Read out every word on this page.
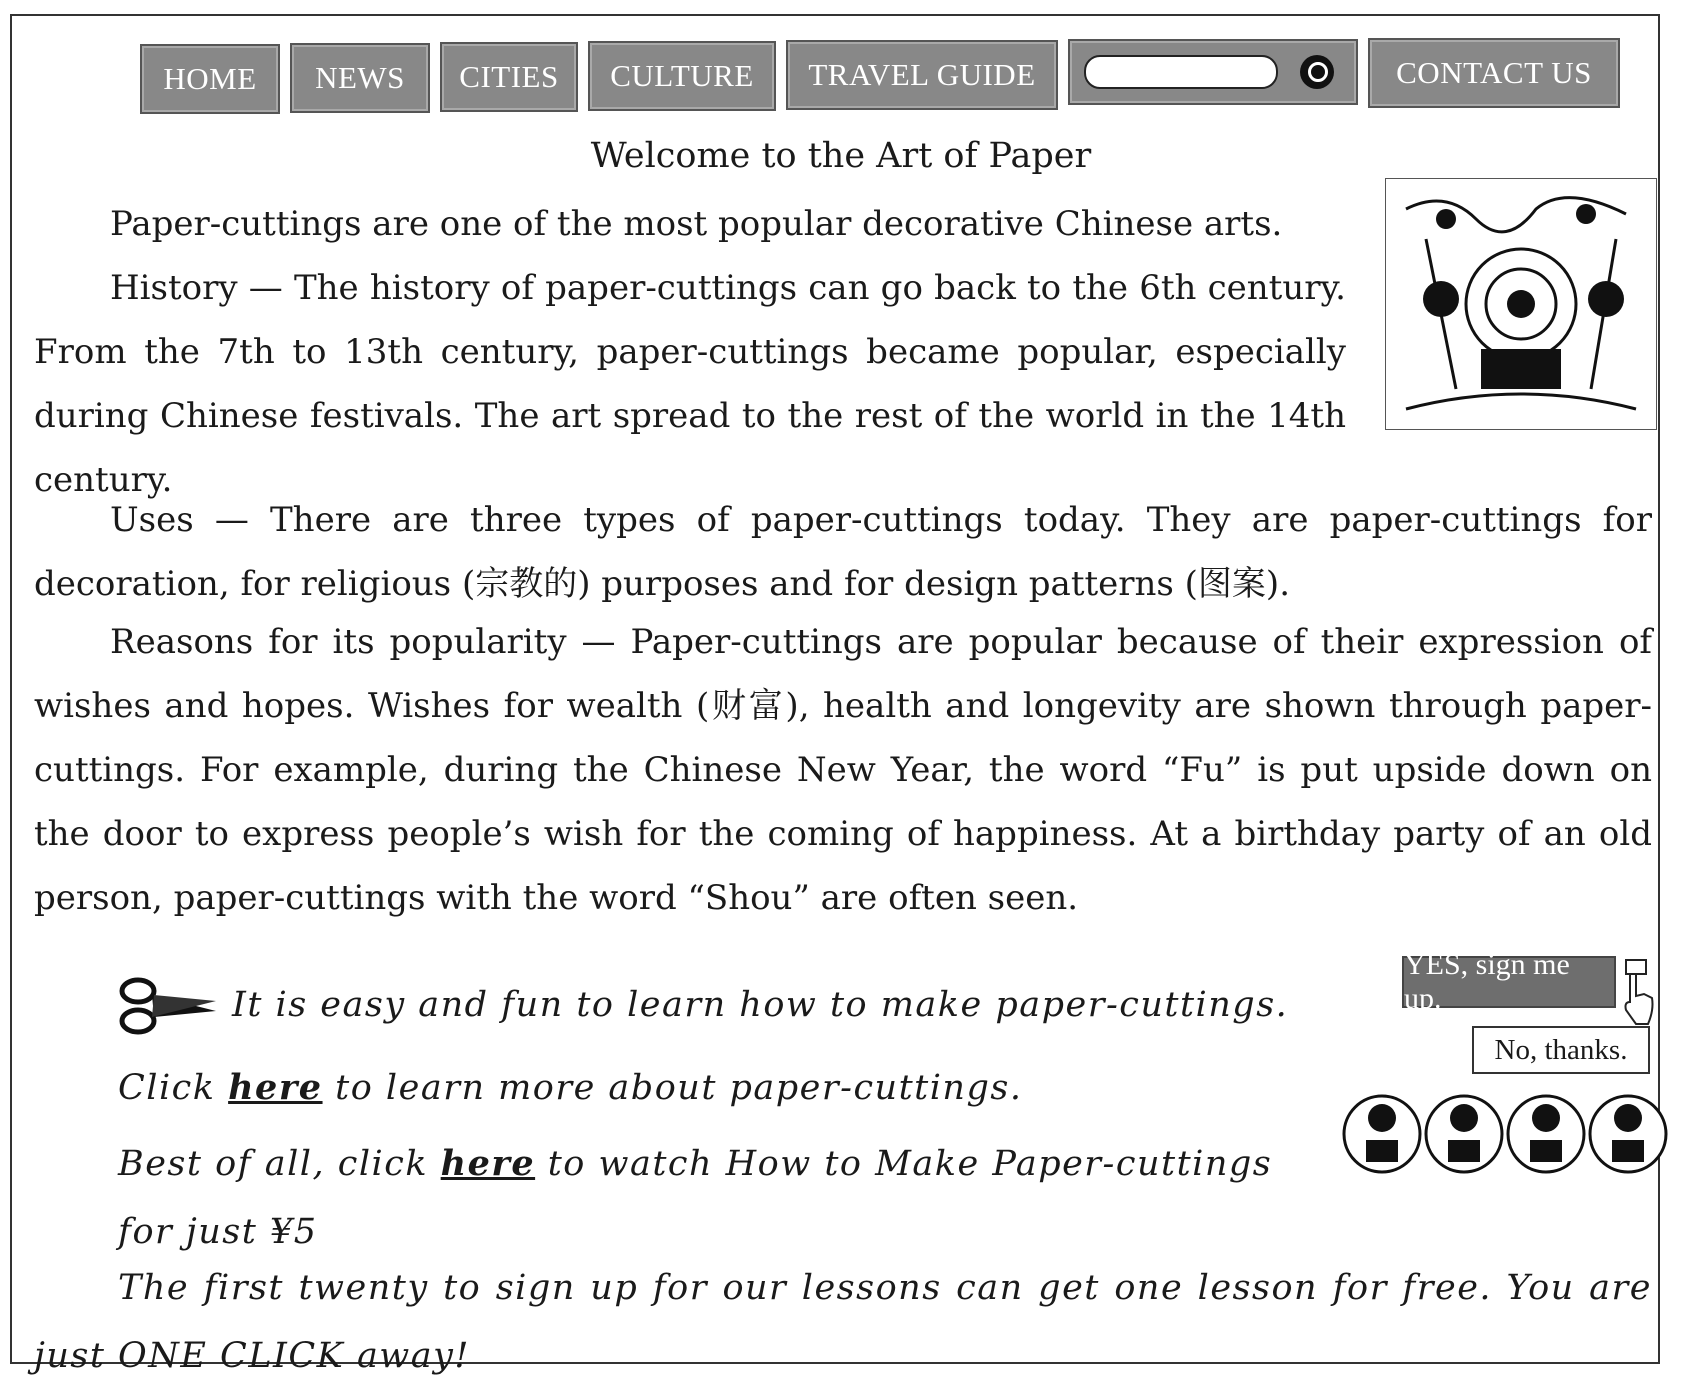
HOME	NEWS	CITIES	CULTURE	TRAVEL GUIDE	CONTACT US
Welcome to the Art of Paper

Paper-cuttings are one of the most popular decorative Chinese arts.

History — The history of paper-cuttings can go back to the 6th century. From the 7th to 13th century, paper-cuttings became popular, especially during Chinese festivals. The art spread to the rest of the world in the 14th century.

Uses — There are three types of paper-cuttings today. They are paper-cuttings for decoration, for religious (宗教的) purposes and for design patterns (图案).

Reasons for its popularity — Paper-cuttings are popular because of their expression of wishes and hopes. Wishes for wealth (财富), health and longevity are shown through paper-cuttings. For example, during the Chinese New Year, the word “Fu” is put upside down on the door to express people’s wish for the coming of happiness. At a birthday party of an old person, paper-cuttings with the word “Shou” are often seen.

It is easy and fun to learn how to make paper-cuttings.

Click here to learn more about paper-cuttings.

Best of all, click here to watch How to Make Paper-cuttings for just ¥5

The first twenty to sign up for our lessons can get one lesson for free. You are just ONE CLICK away!

YES, sign me up.
No, thanks.
